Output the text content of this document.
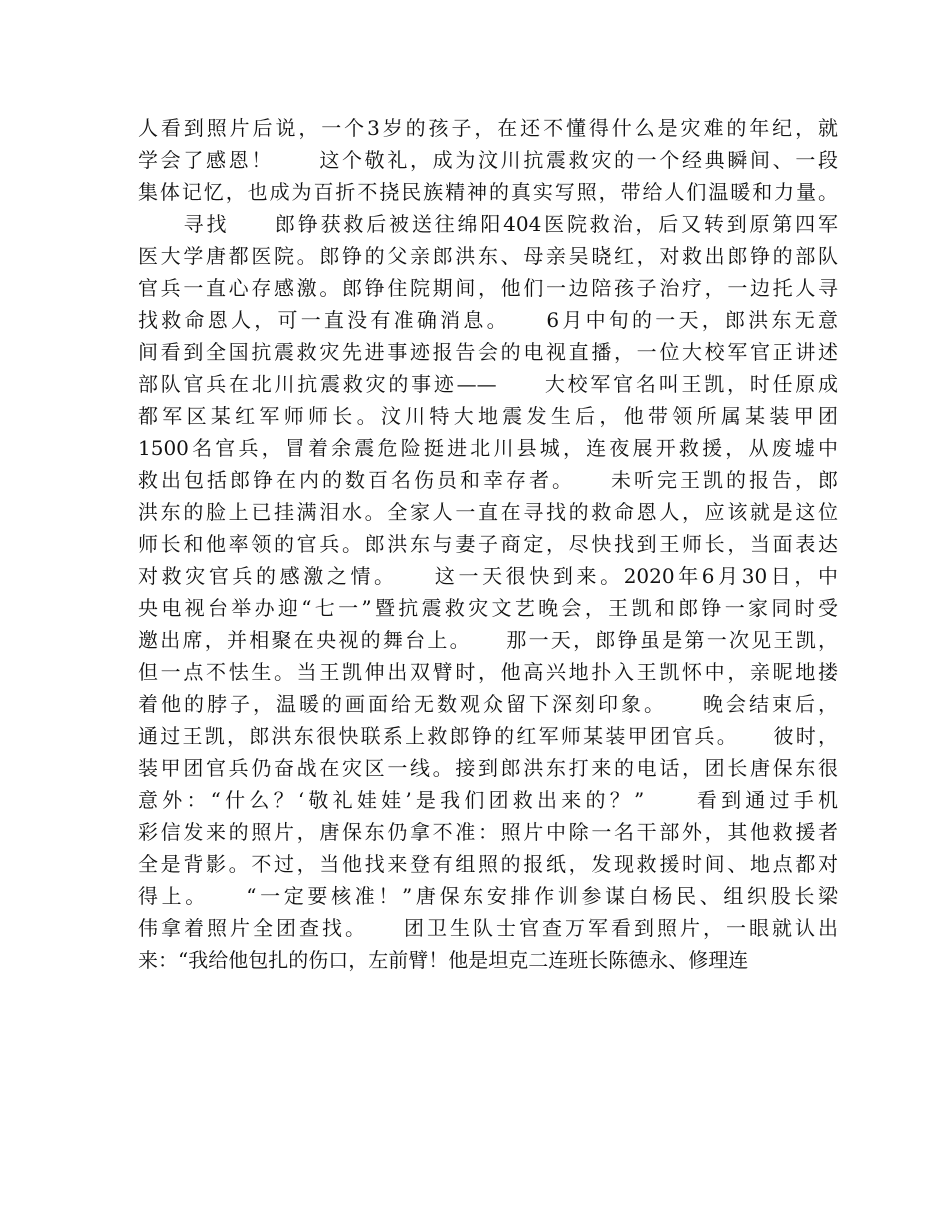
人看到照片后说，一个3岁的孩子，在还不懂得什么是灾难的年纪，就
学会了感恩！　　这个敬礼，成为汶川抗震救灾的一个经典瞬间、一段
集体记忆，也成为百折不挠民族精神的真实写照，带给人们温暖和力量。
　　寻找　　郎铮获救后被送往绵阳404医院救治，后又转到原第四军
医大学唐都医院。郎铮的父亲郎洪东、母亲吴晓红，对救出郎铮的部队
官兵一直心存感激。郎铮住院期间，他们一边陪孩子治疗，一边托人寻
找救命恩人，可一直没有准确消息。　　6月中旬的一天，郎洪东无意
间看到全国抗震救灾先进事迹报告会的电视直播，一位大校军官正讲述
部队官兵在北川抗震救灾的事迹——　　大校军官名叫王凯，时任原成
都军区某红军师师长。汶川特大地震发生后，他带领所属某装甲团
1500名官兵，冒着余震危险挺进北川县城，连夜展开救援，从废墟中
救出包括郎铮在内的数百名伤员和幸存者。　　未听完王凯的报告，郎
洪东的脸上已挂满泪水。全家人一直在寻找的救命恩人，应该就是这位
师长和他率领的官兵。郎洪东与妻子商定，尽快找到王师长，当面表达
对救灾官兵的感激之情。　　这一天很快到来。2020年6月30日，中
央电视台举办迎“七一”暨抗震救灾文艺晚会，王凯和郎铮一家同时受
邀出席，并相聚在央视的舞台上。　　那一天，郎铮虽是第一次见王凯，
但一点不怯生。当王凯伸出双臂时，他高兴地扑入王凯怀中，亲昵地搂
着他的脖子，温暖的画面给无数观众留下深刻印象。　　晚会结束后，
通过王凯，郎洪东很快联系上救郎铮的红军师某装甲团官兵。　　彼时，
装甲团官兵仍奋战在灾区一线。接到郎洪东打来的电话，团长唐保东很
意外：“什么？‘敬礼娃娃’是我们团救出来的？”　　看到通过手机
彩信发来的照片，唐保东仍拿不准：照片中除一名干部外，其他救援者
全是背影。不过，当他找来登有组照的报纸，发现救援时间、地点都对
得上。　　“一定要核准！”唐保东安排作训参谋白杨民、组织股长梁
伟拿着照片全团查找。　　团卫生队士官查万军看到照片，一眼就认出
来：“我给他包扎的伤口，左前臂！他是坦克二连班长陈德永、修理连
